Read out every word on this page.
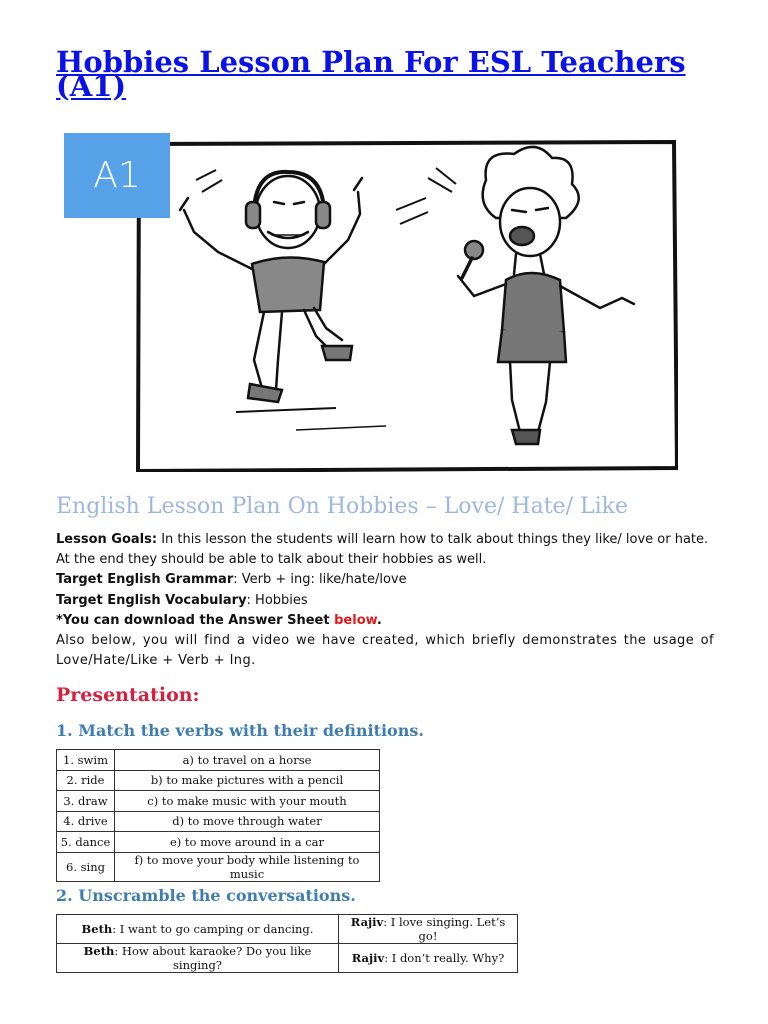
Hobbies Lesson Plan For ESL Teachers (A1)
A1
English Lesson Plan On Hobbies – Love/ Hate/ Like

Lesson Goals: In this lesson the students will learn how to talk about things they like/ love or hate. At the end they should be able to talk about their hobbies as well.

Target English Grammar: Verb + ing: like/hate/love

Target English Vocabulary: Hobbies

*You can download the Answer Sheet below.

Also below, you will find a video we have created, which briefly demonstrates the usage of Love/Hate/Like + Verb + Ing.

Presentation:
1. Match the verbs with their definitions.
1. swim	a) to travel on a horse
2. ride	b) to make pictures with a pencil
3. draw	c) to make music with your mouth
4. drive	d) to move through water
5. dance	e) to move around in a car
6. sing	f) to move your body while listening to music
2. Unscramble the conversations.
Beth: I want to go camping or dancing.	Rajiv: I love singing. Let’s go!
Beth: How about karaoke? Do you like singing?	Rajiv: I don’t really. Why?
